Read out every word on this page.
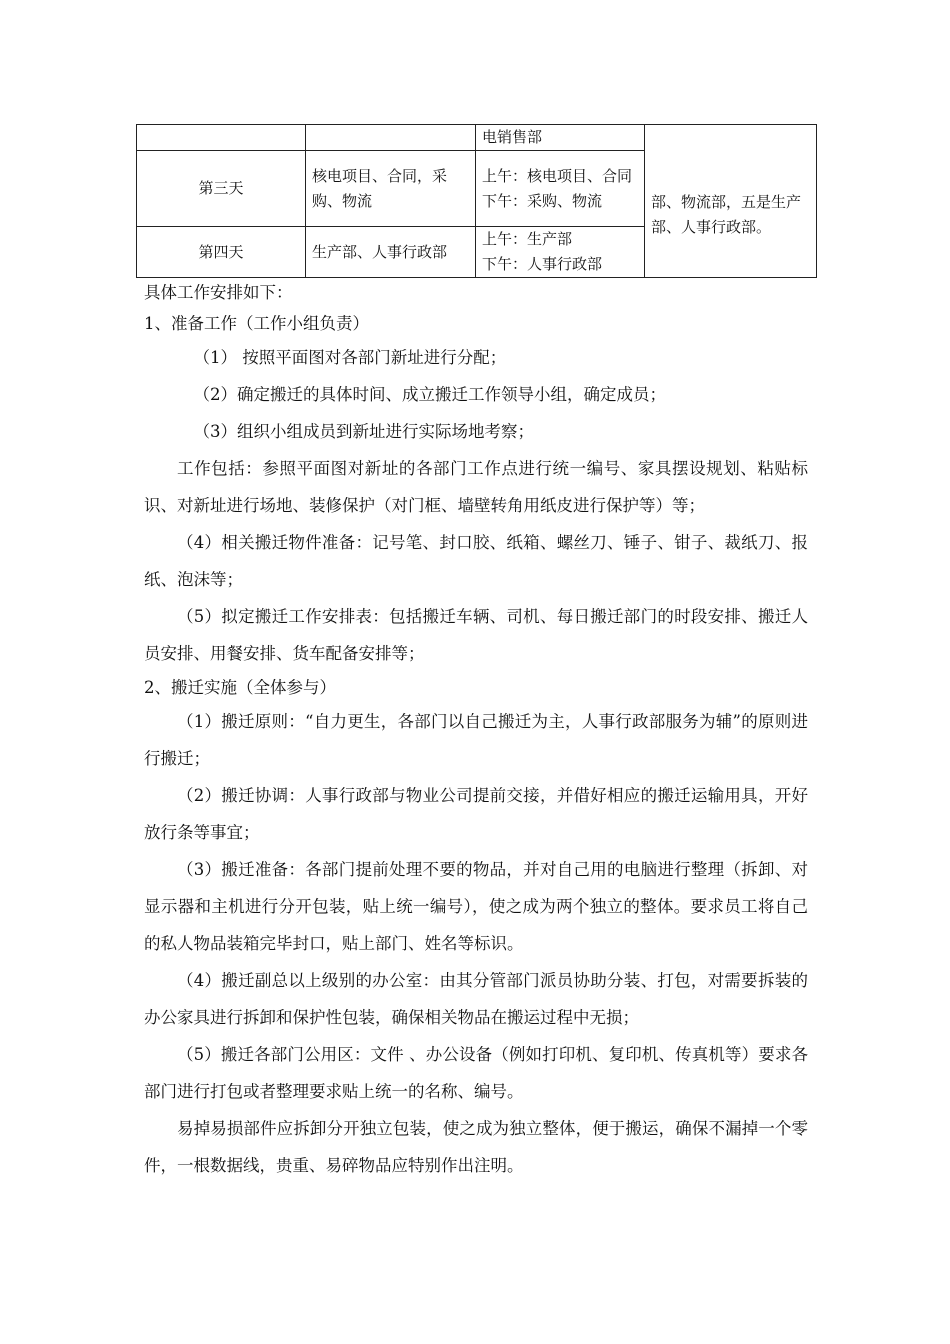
		电销售部	部、物流部，五是生产部、人事行政部。
第三天	核电项目、合同，采购、物流	上午：核电项目、合同
下午：采购、物流	

第四天	生产部、人事行政部	上午：生产部
下午：人事行政部	
具体工作安排如下：
1、准备工作（工作小组负责）
（1） 按照平面图对各部门新址进行分配；
（2）确定搬迁的具体时间、成立搬迁工作领导小组，确定成员；
（3）组织小组成员到新址进行实际场地考察；
工作包括：参照平面图对新址的各部门工作点进行统一编号、家具摆设规划、粘贴标识、对新址进行场地、装修保护（对门框、墙壁转角用纸皮进行保护等）等；
（4）相关搬迁物件准备：记号笔、封口胶、纸箱、螺丝刀、锤子、钳子、裁纸刀、报纸、泡沫等；
（5）拟定搬迁工作安排表：包括搬迁车辆、司机、每日搬迁部门的时段安排、搬迁人员安排、用餐安排、货车配备安排等；
2、搬迁实施（全体参与）
（1）搬迁原则：“自力更生，各部门以自己搬迁为主，人事行政部服务为辅”的原则进行搬迁；
（2）搬迁协调：人事行政部与物业公司提前交接，并借好相应的搬迁运输用具，开好放行条等事宜；
（3）搬迁准备：各部门提前处理不要的物品，并对自己用的电脑进行整理（拆卸、对显示器和主机进行分开包装，贴上统一编号），使之成为两个独立的整体。要求员工将自己的私人物品装箱完毕封口，贴上部门、姓名等标识。
（4）搬迁副总以上级别的办公室：由其分管部门派员协助分装、打包，对需要拆装的办公家具进行拆卸和保护性包装，确保相关物品在搬运过程中无损；
（5）搬迁各部门公用区：文件 、办公设备（例如打印机、复印机、传真机等）要求各部门进行打包或者整理要求贴上统一的名称、编号。
易掉易损部件应拆卸分开独立包装，使之成为独立整体，便于搬运，确保不漏掉一个零件，一根数据线，贵重、易碎物品应特别作出注明。
